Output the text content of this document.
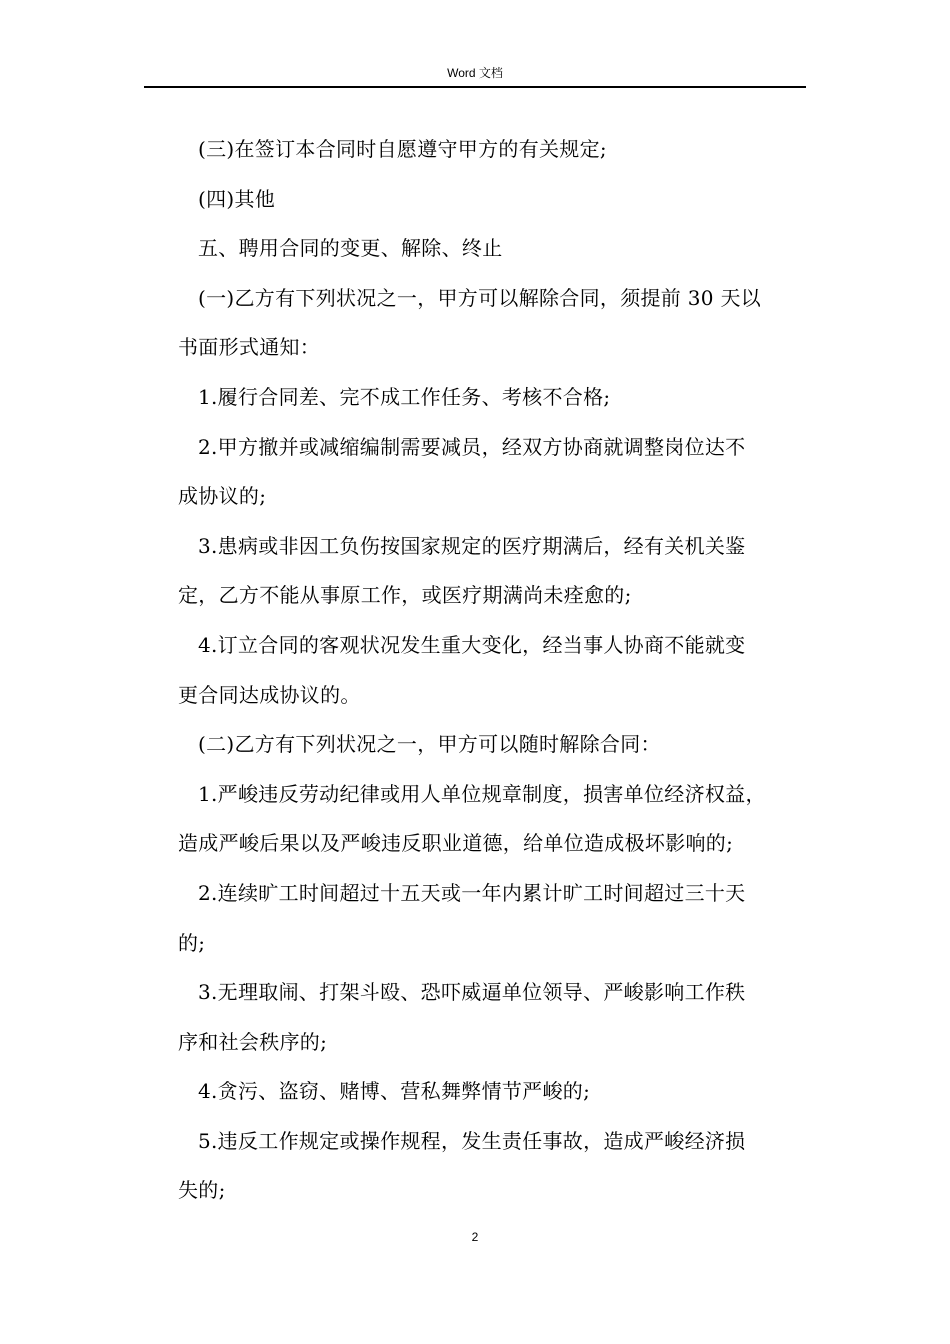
Word 文档
(三)在签订本合同时自愿遵守甲方的有关规定;
(四)其他
五、聘用合同的变更、解除、终止
(一)乙方有下列状况之一，甲方可以解除合同，须提前 30 天以
书面形式通知：
1.履行合同差、完不成工作任务、考核不合格;
2.甲方撤并或减缩编制需要减员，经双方协商就调整岗位达不
成协议的;
3.患病或非因工负伤按国家规定的医疗期满后，经有关机关鉴
定，乙方不能从事原工作，或医疗期满尚未痊愈的;
4.订立合同的客观状况发生重大变化，经当事人协商不能就变
更合同达成协议的。
(二)乙方有下列状况之一，甲方可以随时解除合同：
1.严峻违反劳动纪律或用人单位规章制度，损害单位经济权益，
造成严峻后果以及严峻违反职业道德，给单位造成极坏影响的;
2.连续旷工时间超过十五天或一年内累计旷工时间超过三十天
的;
3.无理取闹、打架斗殴、恐吓威逼单位领导、严峻影响工作秩
序和社会秩序的;
4.贪污、盗窃、赌博、营私舞弊情节严峻的;
5.违反工作规定或操作规程，发生责任事故，造成严峻经济损
失的;
2
